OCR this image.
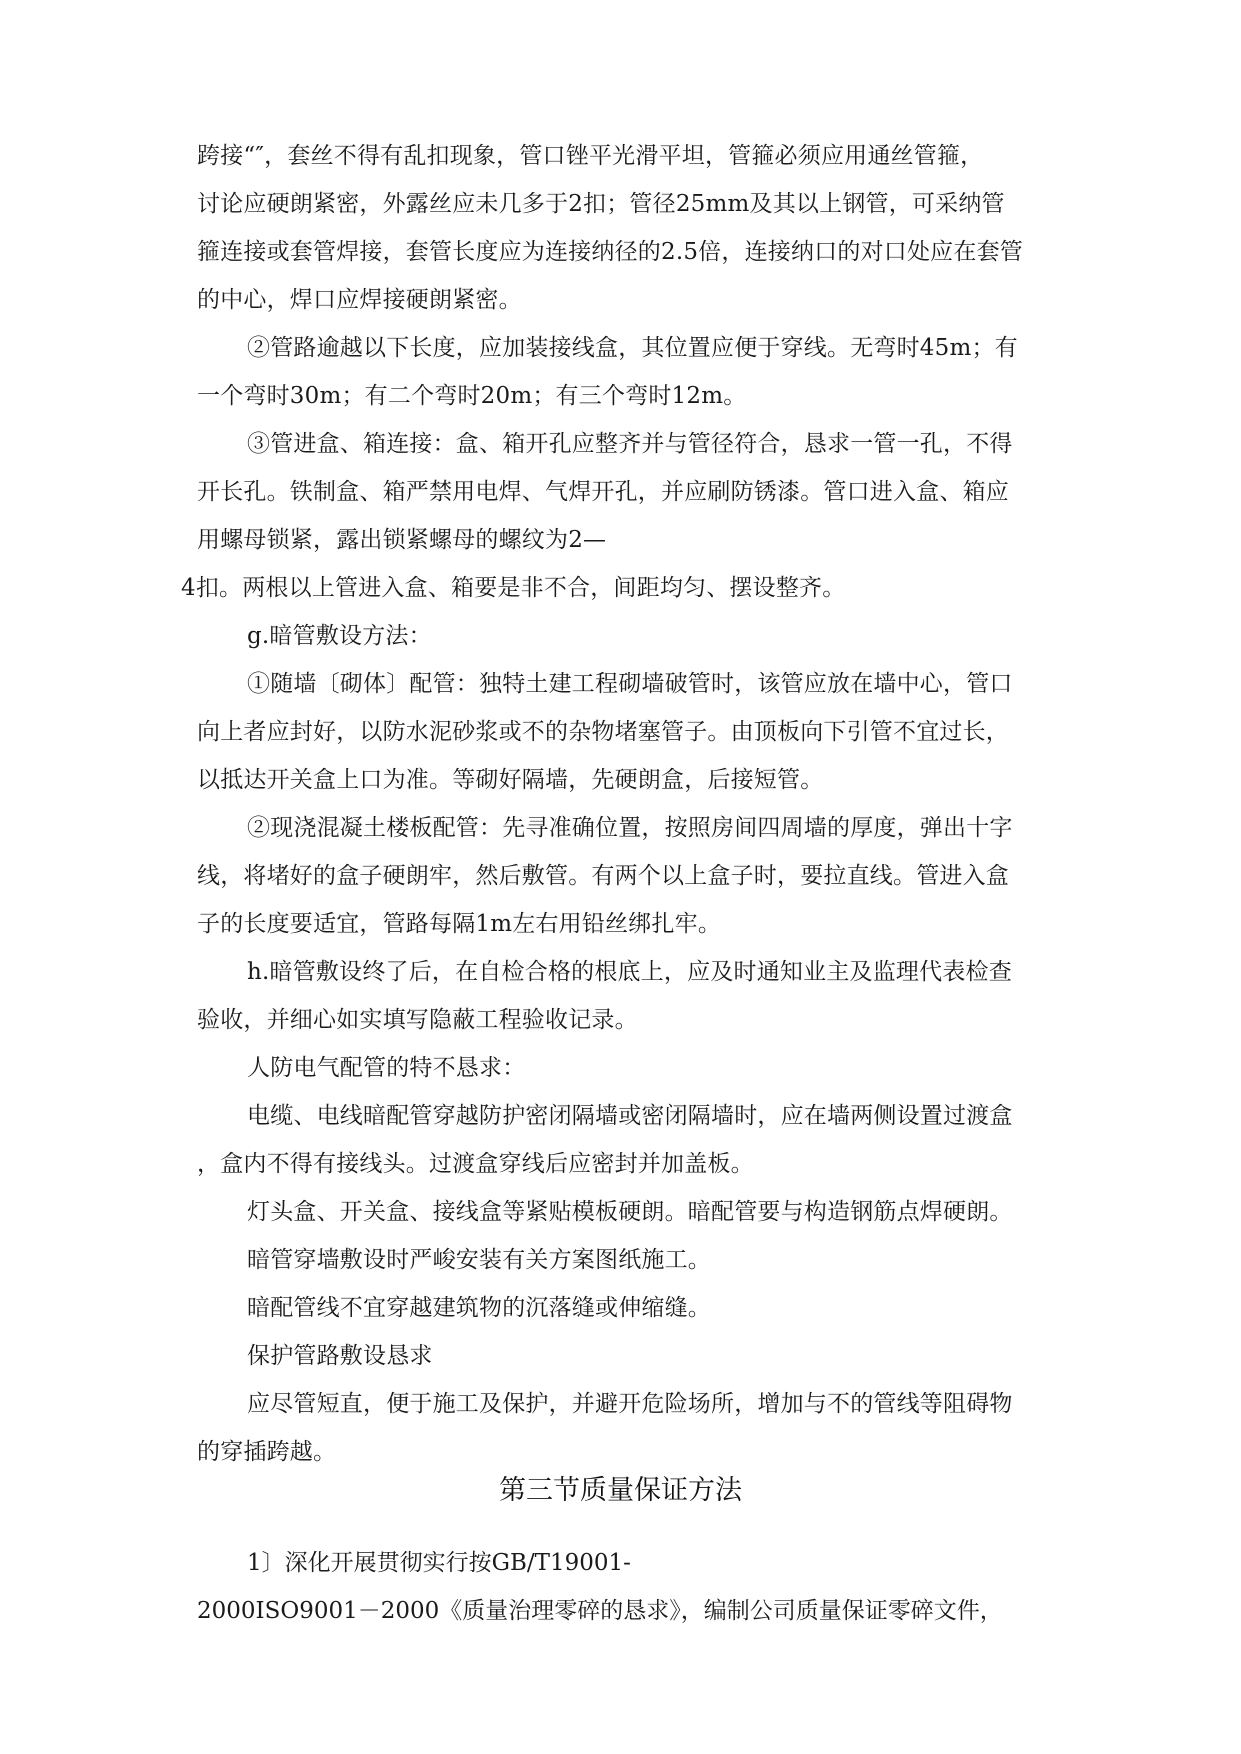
跨接“″，套丝不得有乱扣现象，管口锉平光滑平坦，管箍必须应用通丝管箍，

讨论应硬朗紧密，外露丝应未几多于2扣；管径25mm及其以上钢管，可采纳管

箍连接或套管焊接，套管长度应为连接纳径的2.5倍，连接纳口的对口处应在套管

的中心，焊口应焊接硬朗紧密。

②管路逾越以下长度，应加装接线盒，其位置应便于穿线。无弯时45m；有

一个弯时30m；有二个弯时20m；有三个弯时12m。

③管进盒、箱连接：盒、箱开孔应整齐并与管径符合，恳求一管一孔，不得

开长孔。铁制盒、箱严禁用电焊、气焊开孔，并应刷防锈漆。管口进入盒、箱应

用螺母锁紧，露出锁紧螺母的螺纹为2—

4扣。两根以上管进入盒、箱要是非不合，间距均匀、摆设整齐。

g.暗管敷设方法：

①随墙〔砌体〕配管：独特土建工程砌墙破管时，该管应放在墙中心，管口

向上者应封好，以防水泥砂浆或不的杂物堵塞管子。由顶板向下引管不宜过长，

以抵达开关盒上口为准。等砌好隔墙，先硬朗盒，后接短管。

②现浇混凝土楼板配管：先寻准确位置，按照房间四周墙的厚度，弹出十字

线，将堵好的盒子硬朗牢，然后敷管。有两个以上盒子时，要拉直线。管进入盒

子的长度要适宜，管路每隔1m左右用铅丝绑扎牢。

h.暗管敷设终了后，在自检合格的根底上，应及时通知业主及监理代表检查

验收，并细心如实填写隐蔽工程验收记录。

人防电气配管的特不恳求：

电缆、电线暗配管穿越防护密闭隔墙或密闭隔墙时，应在墙两侧设置过渡盒

，盒内不得有接线头。过渡盒穿线后应密封并加盖板。

灯头盒、开关盒、接线盒等紧贴模板硬朗。暗配管要与构造钢筋点焊硬朗。

暗管穿墙敷设时严峻安装有关方案图纸施工。

暗配管线不宜穿越建筑物的沉落缝或伸缩缝。

保护管路敷设恳求

应尽管短直，便于施工及保护，并避开危险场所，增加与不的管线等阻碍物

的穿插跨越。

第三节质量保证方法

1〕深化开展贯彻实行按GB/T19001-

2000ISO9001－2000《质量治理零碎的恳求》，编制公司质量保证零碎文件，
